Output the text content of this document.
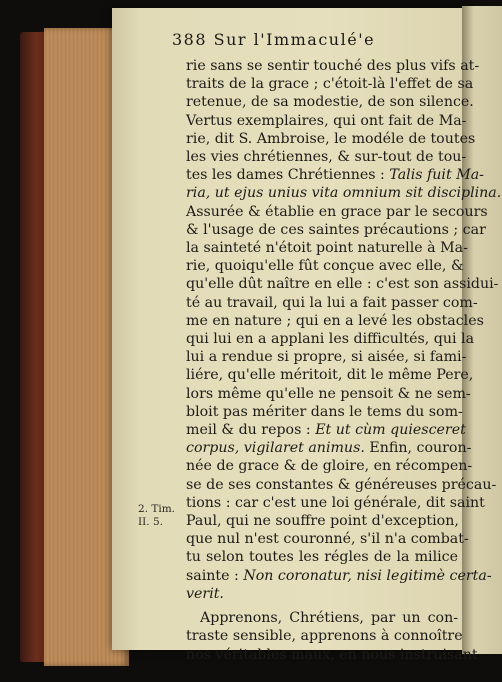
388 Sur l'Immaculé'e
2. Tim.
II. 5.
rie sans se sentir touché des plus vifs at-
traits de la grace ; c'étoit-là l'effet de sa
retenue, de sa modestie, de son silence.
Vertus exemplaires, qui ont fait de Ma-
rie, dit S. Ambroise, le modéle de toutes
les vies chrétiennes, & sur-tout de tou-
tes les dames Chrétiennes : Talis fuit Ma-
ria, ut ejus unius vita omnium sit disciplina.
Assurée & établie en grace par le secours
& l'usage de ces saintes précautions ; car
la sainteté n'étoit point naturelle à Ma-
rie, quoiqu'elle fût conçue avec elle, &
qu'elle dût naître en elle : c'est son assidui-
té au travail, qui la lui a fait passer com-
me en nature ; qui en a levé les obstacles
qui lui en a applani les difficultés, qui la
lui a rendue si propre, si aisée, si fami-
liére, qu'elle méritoit, dit le même Pere,
lors même qu'elle ne pensoit & ne sem-
bloit pas mériter dans le tems du som-
meil & du repos : Et ut cùm quiesceret
corpus, vigilaret animus. Enfin, couron-
née de grace & de gloire, en récompen-
se de ses constantes & généreuses précau-
tions : car c'est une loi générale, dit saint
Paul, qui ne souffre point d'exception,
que nul n'est couronné, s'il n'a combat-
tu selon toutes les régles de la milice
sainte : Non coronatur, nisi legitimè certa-
verit.
Apprenons, Chrétiens, par un con-
traste sensible, apprenons à connoître
nos véritables maux, en nous instruisant
